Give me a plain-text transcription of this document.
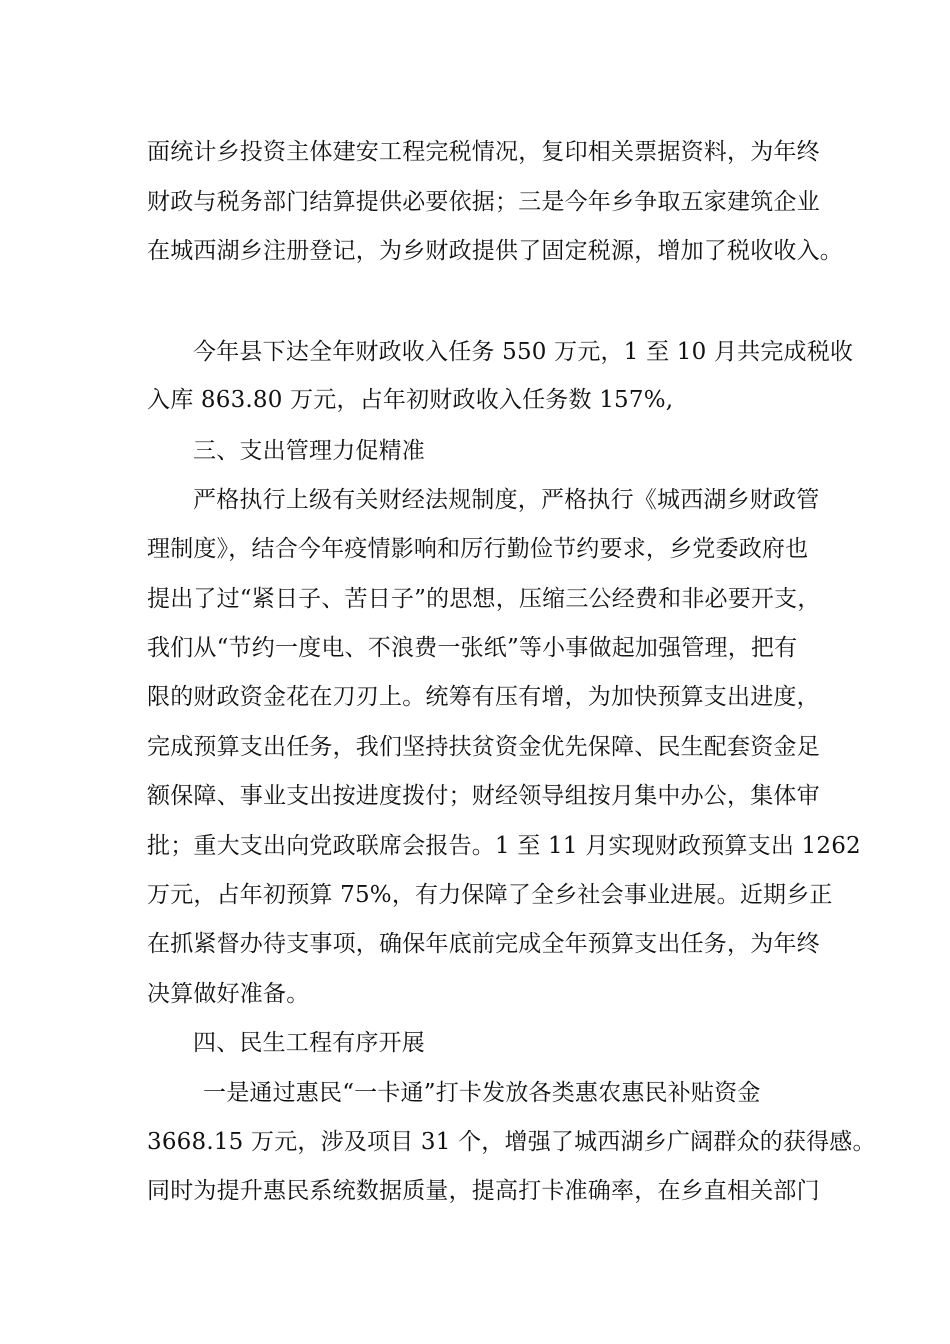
面统计乡投资主体建安工程完税情况，复印相关票据资料，为年终
财政与税务部门结算提供必要依据；三是今年乡争取五家建筑企业
在城西湖乡注册登记，为乡财政提供了固定税源，增加了税收收入。
今年县下达全年财政收入任务 550 万元，1 至 10 月共完成税收
入库 863.80 万元，占年初财政收入任务数 157%,
三、支出管理力促精准
严格执行上级有关财经法规制度，严格执行《城西湖乡财政管
理制度》，结合今年疫情影响和厉行勤俭节约要求，乡党委政府也
提出了过“紧日子、苦日子”的思想，压缩三公经费和非必要开支，
我们从“节约一度电、不浪费一张纸”等小事做起加强管理，把有
限的财政资金花在刀刃上。统筹有压有增，为加快预算支出进度，
完成预算支出任务，我们坚持扶贫资金优先保障、民生配套资金足
额保障、事业支出按进度拨付；财经领导组按月集中办公，集体审
批；重大支出向党政联席会报告。1 至 11 月实现财政预算支出 1262
万元，占年初预算 75%，有力保障了全乡社会事业进展。近期乡正
在抓紧督办待支事项，确保年底前完成全年预算支出任务，为年终
决算做好准备。
四、民生工程有序开展
一是通过惠民“一卡通”打卡发放各类惠农惠民补贴资金
3668.15 万元，涉及项目 31 个，增强了城西湖乡广阔群众的获得感。
同时为提升惠民系统数据质量，提高打卡准确率，在乡直相关部门
